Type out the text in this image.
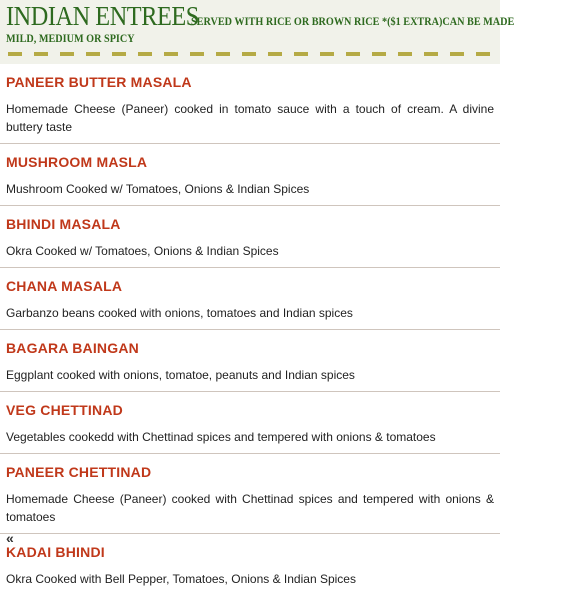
INDIAN ENTREES SERVED WITH RICE OR BROWN RICE *($1 EXTRA)CAN BE MADE
MILD, MEDIUM OR SPICY
PANEER BUTTER MASALA
Homemade Cheese (Paneer) cooked in tomato sauce with a touch of cream. A divine buttery taste
MUSHROOM MASLA
Mushroom Cooked w/ Tomatoes, Onions & Indian Spices
BHINDI MASALA
Okra Cooked w/ Tomatoes, Onions & Indian Spices
CHANA MASALA
Garbanzo beans cooked with onions, tomatoes and Indian spices
BAGARA BAINGAN
Eggplant cooked with onions, tomatoe, peanuts and Indian spices
VEG CHETTINAD
Vegetables cookedd with Chettinad spices and tempered with onions & tomatoes
PANEER CHETTINAD
Homemade Cheese (Paneer) cooked with Chettinad spices and tempered with onions & tomatoes
KADAI BHINDI
Okra Cooked with Bell Pepper, Tomatoes, Onions & Indian Spices
«
